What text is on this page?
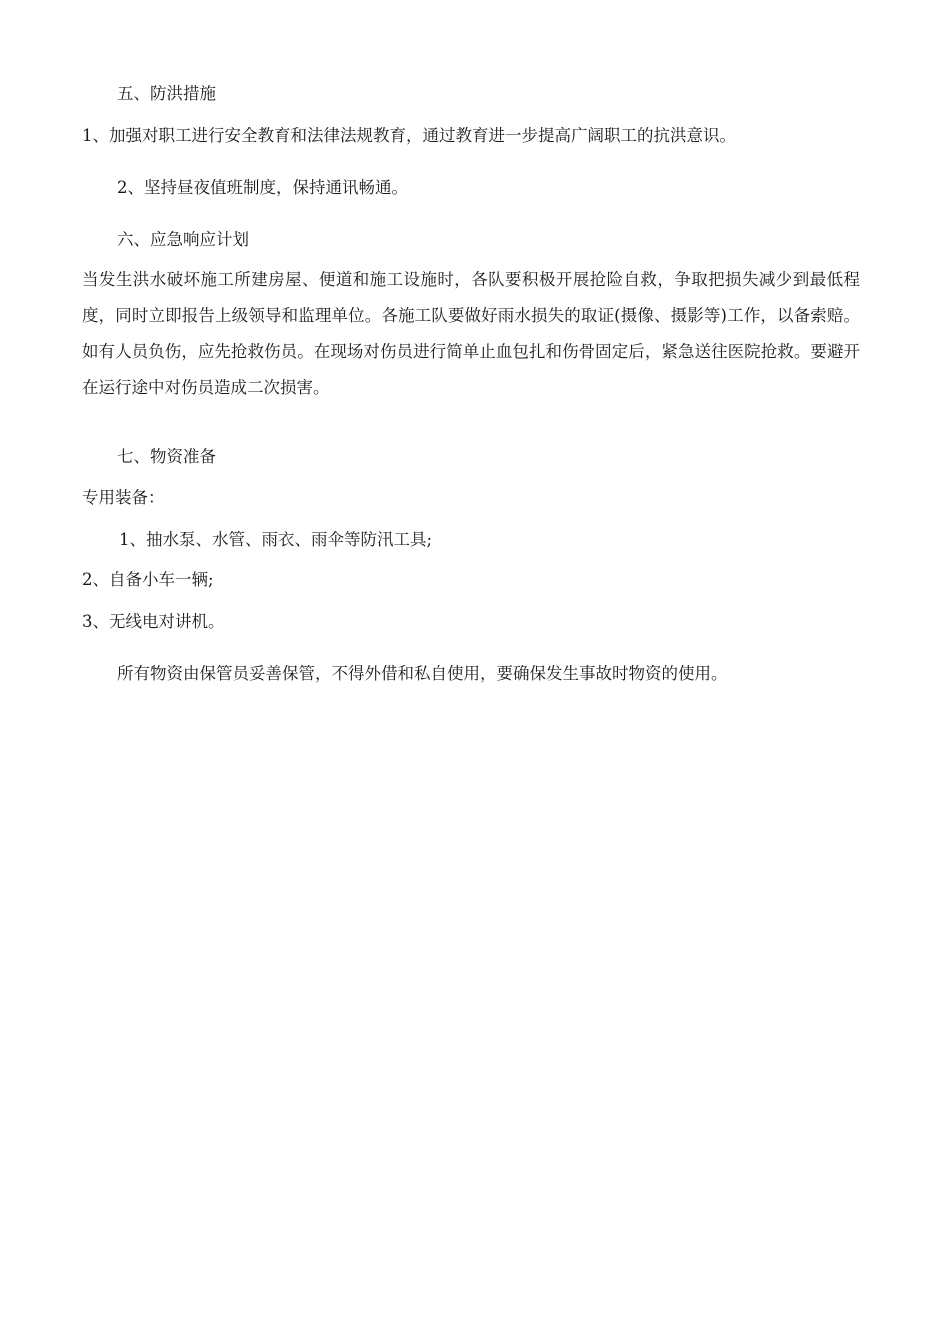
五、防洪措施
1、加强对职工进行安全教育和法律法规教育，通过教育进一步提高广阔职工的抗洪意识。
2、坚持昼夜值班制度，保持通讯畅通。
六、应急响应计划
当发生洪水破坏施工所建房屋、便道和施工设施时，各队要积极开展抢险自救，争取把损失减少到最低程度，同时立即报告上级领导和监理单位。各施工队要做好雨水损失的取证(摄像、摄影等)工作，以备索赔。如有人员负伤，应先抢救伤员。在现场对伤员进行简单止血包扎和伤骨固定后，紧急送往医院抢救。要避开在运行途中对伤员造成二次损害。
七、物资准备
专用装备：
1、抽水泵、水管、雨衣、雨伞等防汛工具;
2、自备小车一辆;
3、无线电对讲机。
所有物资由保管员妥善保管，不得外借和私自使用，要确保发生事故时物资的使用。
